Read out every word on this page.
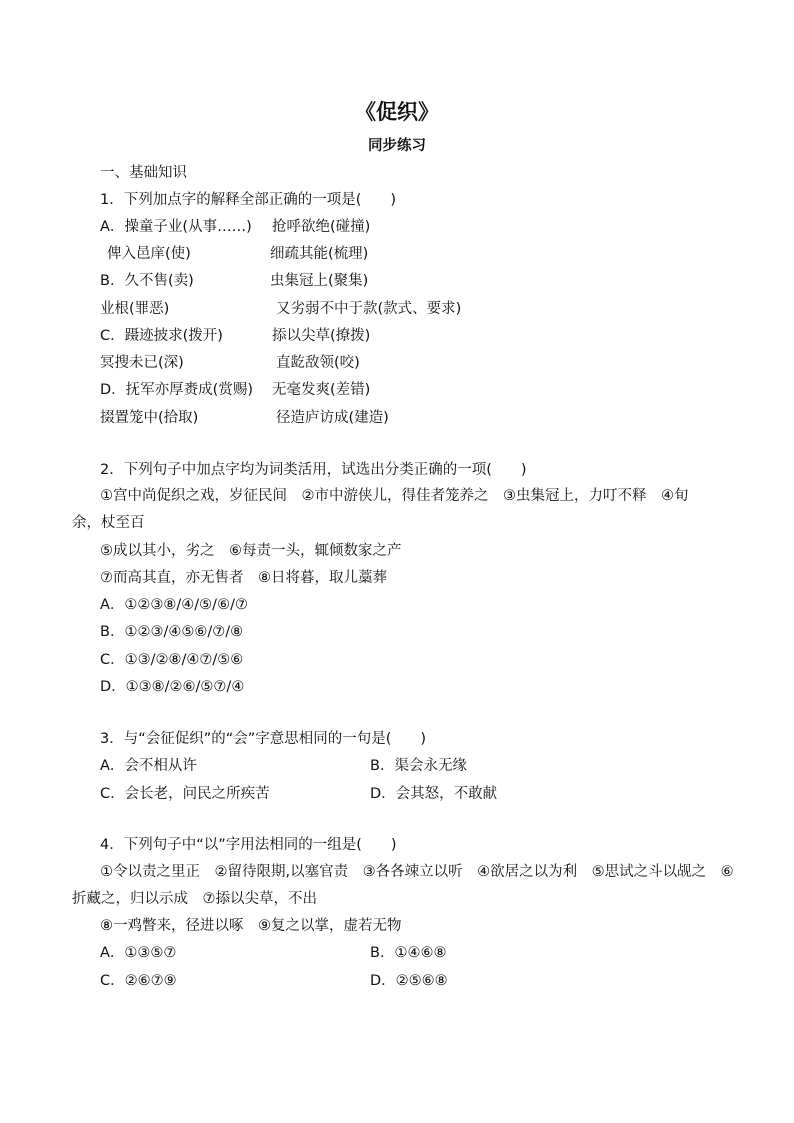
《促织》
同步练习
一、基础知识
1．下列加点字的解释全部正确的一项是(　　)
A．操童子业(从事……) 抢呼欲绝(碰撞)
俾入邑庠(使)	细疏其能(梳理)
B．久不售(卖)	虫集冠上(聚集)
业根(罪恶)	又劣弱不中于款(款式、要求)
C．蹑迹披求(拨开)	掭以尖草(撩拨)
冥搜未已(深)	直龁敌领(咬)
D．抚军亦厚赉成(赏赐) 无毫发爽(差错)
掇置笼中(拾取)	径造庐访成(建造)
2．下列句子中加点字均为词类活用，试选出分类正确的一项(　　)
①宫中尚促织之戏，岁征民间　②市中游侠儿，得佳者笼养之　③虫集冠上，力叮不释　④旬余，杖至百
⑤成以其小，劣之　⑥每责一头，辄倾数家之产
⑦而高其直，亦无售者　⑧日将暮，取儿藁葬
A．①②③⑧/④/⑤/⑥/⑦
B．①②③/④⑤⑥/⑦/⑧
C．①③/②⑧/④⑦/⑤⑥
D．①③⑧/②⑥/⑤⑦/④
3．与“会征促织”的“会”字意思相同的一句是(　　)
A．会不相从许	B．渠会永无缘
C．会长老，问民之所疾苦	D．会其怒，不敢献
4．下列句子中“以”字用法相同的一组是(　　)
①令以责之里正　②留待限期,以塞官责　③各各竦立以听　④欲居之以为利　⑤思试之斗以觇之　⑥
折藏之，归以示成　⑦掭以尖草，不出
⑧一鸡瞥来，径进以啄　⑨复之以掌，虚若无物
A．①③⑤⑦	B．①④⑥⑧
C．②⑥⑦⑨	D．②⑤⑥⑧
